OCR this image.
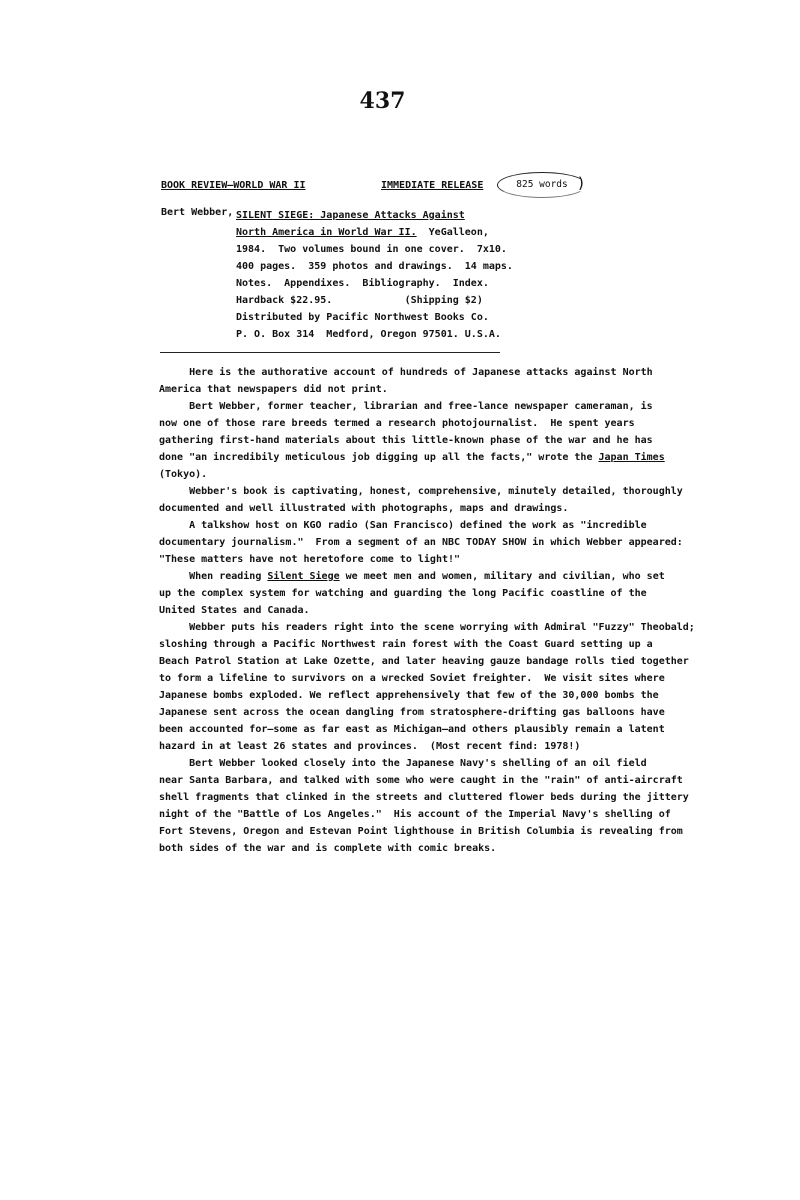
437
BOOK REVIEW—WORLD WAR II	IMMEDIATE RELEASE	825 words )
Bert Webber, SILENT SIEGE: Japanese Attacks Against
North America in World War II.  YeGalleon,
1984.  Two volumes bound in one cover.  7x10.
400 pages.  359 photos and drawings.  14 maps.
Notes.  Appendixes.  Bibliography.  Index.
Hardback $22.95.            (Shipping $2)
Distributed by Pacific Northwest Books Co.
P. O. Box 314  Medford, Oregon 97501. U.S.A.
Here is the authorative account of hundreds of Japanese attacks against North
America that newspapers did not print.
Bert Webber, former teacher, librarian and free-lance newspaper cameraman, is
now one of those rare breeds termed a research photojournalist.  He spent years
gathering first-hand materials about this little-known phase of the war and he has
done "an incredibily meticulous job digging up all the facts," wrote the Japan Times
(Tokyo).
Webber's book is captivating, honest, comprehensive, minutely detailed, thoroughly
documented and well illustrated with photographs, maps and drawings.
A talkshow host on KGO radio (San Francisco) defined the work as "incredible
documentary journalism."  From a segment of an NBC TODAY SHOW in which Webber appeared:
"These matters have not heretofore come to light!"
When reading Silent Siege we meet men and women, military and civilian, who set
up the complex system for watching and guarding the long Pacific coastline of the
United States and Canada.
Webber puts his readers right into the scene worrying with Admiral "Fuzzy" Theobald;
sloshing through a Pacific Northwest rain forest with the Coast Guard setting up a
Beach Patrol Station at Lake Ozette, and later heaving gauze bandage rolls tied together
to form a lifeline to survivors on a wrecked Soviet freighter.  We visit sites where
Japanese bombs exploded. We reflect apprehensively that few of the 30,000 bombs the
Japanese sent across the ocean dangling from stratosphere-drifting gas balloons have
been accounted for—some as far east as Michigan—and others plausibly remain a latent
hazard in at least 26 states and provinces.  (Most recent find: 1978!)
Bert Webber looked closely into the Japanese Navy's shelling of an oil field
near Santa Barbara, and talked with some who were caught in the "rain" of anti-aircraft
shell fragments that clinked in the streets and cluttered flower beds during the jittery
night of the "Battle of Los Angeles."  His account of the Imperial Navy's shelling of
Fort Stevens, Oregon and Estevan Point lighthouse in British Columbia is revealing from
both sides of the war and is complete with comic breaks.
